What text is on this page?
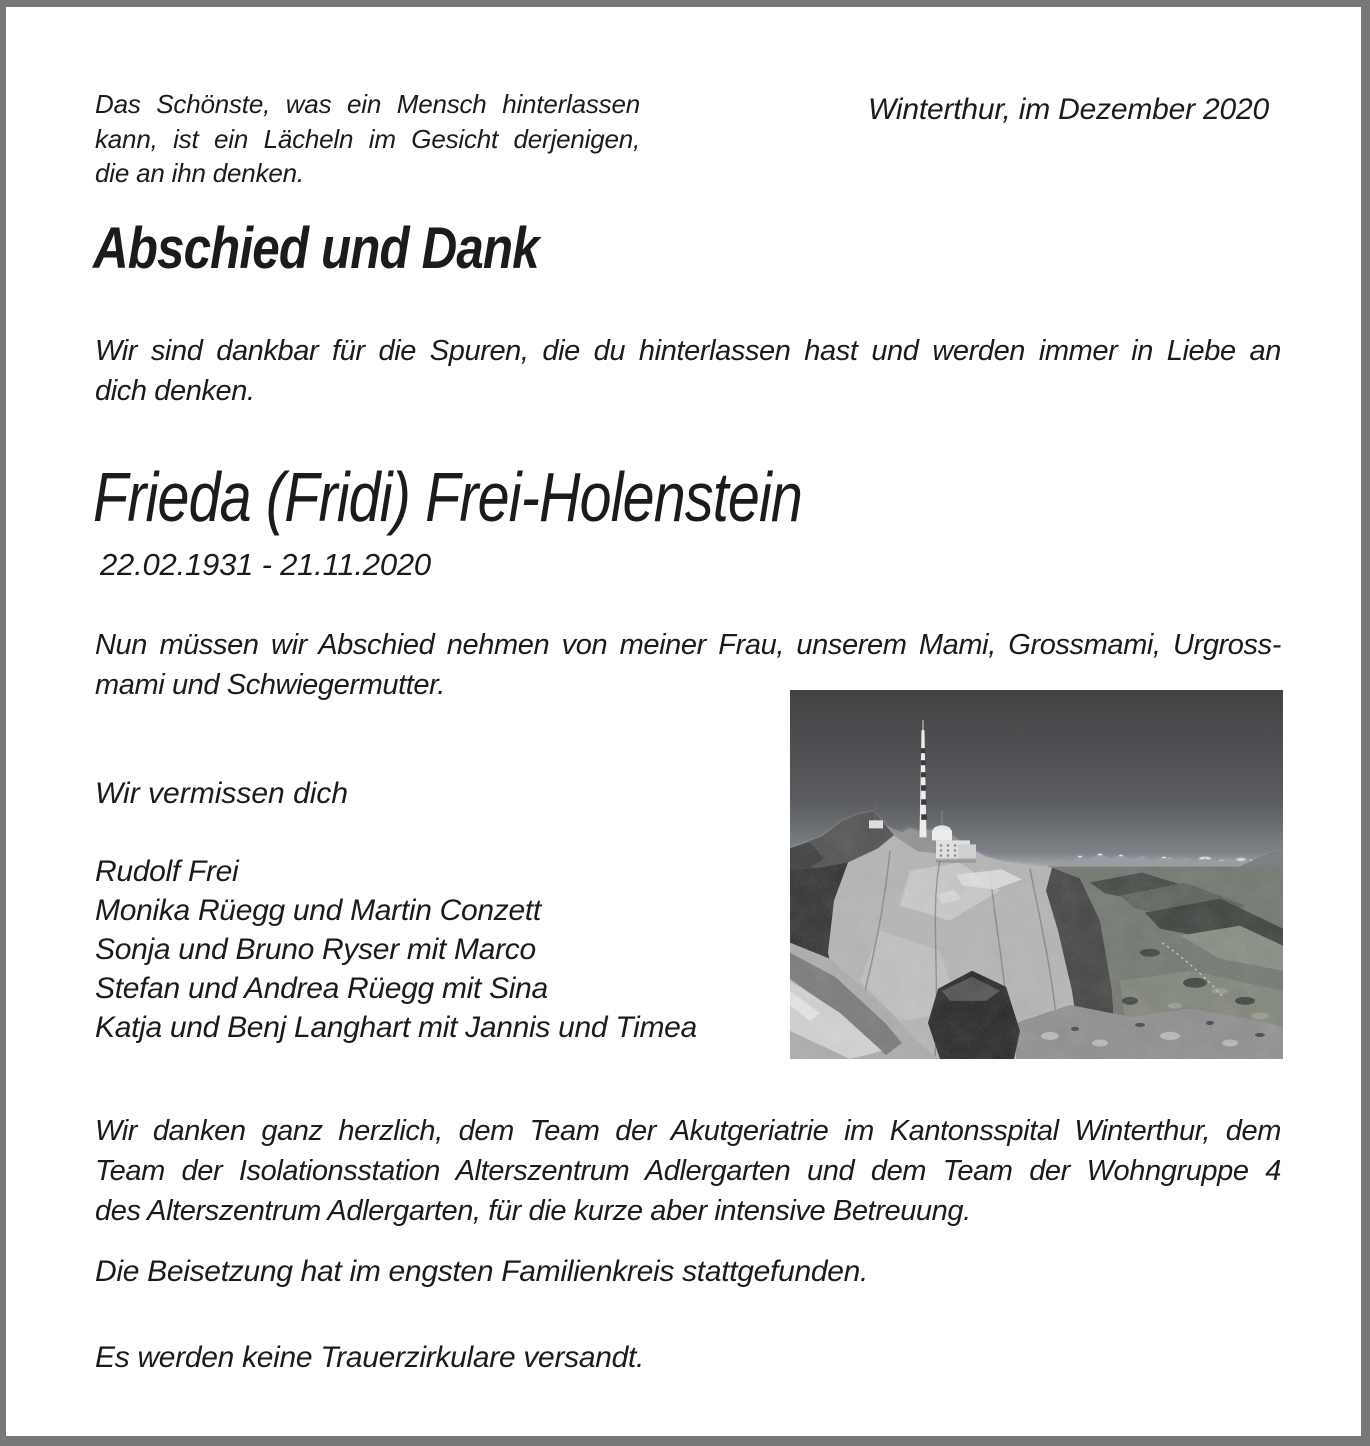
Das Schönste, was ein Mensch hinterlassen
kann, ist ein Lächeln im Gesicht derjenigen,
die an ihn denken.
Winterthur, im Dezember 2020
Abschied und Dank
Wir sind dankbar für die Spuren, die du hinterlassen hast und werden immer in Liebe an
dich denken.
Frieda (Fridi) Frei-Holenstein
22.02.1931 - 21.11.2020
Nun müssen wir Abschied nehmen von meiner Frau, unserem Mami, Grossmami, Urgross-
mami und Schwiegermutter.
Wir vermissen dich
Rudolf Frei
Monika Rüegg und Martin Conzett
Sonja und Bruno Ryser mit Marco
Stefan und Andrea Rüegg mit Sina
Katja und Benj Langhart mit Jannis und Timea
Wir danken ganz herzlich, dem Team der Akutgeriatrie im Kantonsspital Winterthur, dem
Team der Isolationsstation Alterszentrum Adlergarten und dem Team der Wohngruppe 4
des Alterszentrum Adlergarten, für die kurze aber intensive Betreuung.
Die Beisetzung hat im engsten Familienkreis stattgefunden.
Es werden keine Trauerzirkulare versandt.
